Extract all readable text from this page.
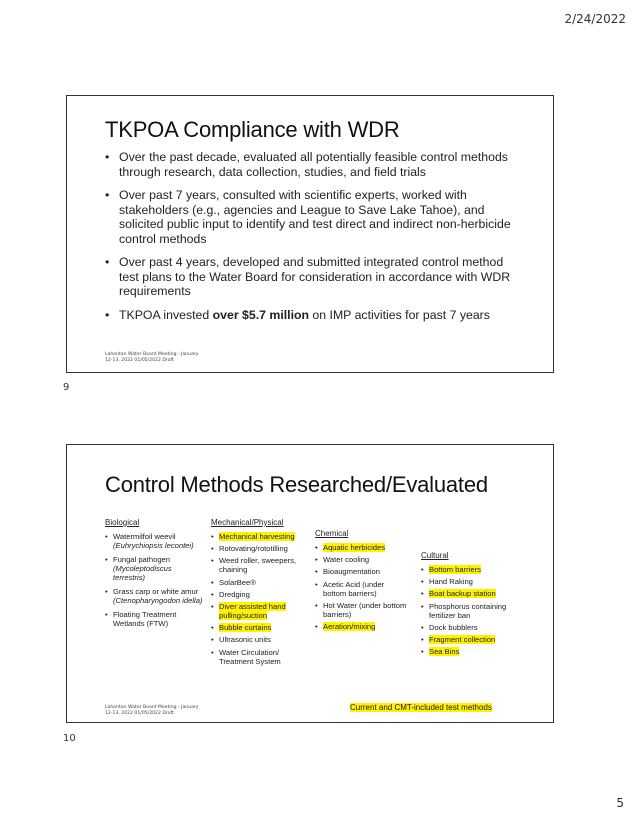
2/24/2022
TKPOA Compliance with WDR
• Over the past decade, evaluated all potentially feasible control methods through research, data collection, studies, and field trials
• Over past 7 years, consulted with scientific experts, worked with stakeholders (e.g., agencies and League to Save Lake Tahoe), and solicited public input to identify and test direct and indirect non-herbicide control methods
• Over past 4 years, developed and submitted integrated control method test plans to the Water Board for consideration in accordance with WDR requirements
• TKPOA invested over $5.7 million on IMP activities for past 7 years
Lahontan Water Board Meeting - January
12-13, 2022 01/05/2022 Draft
9
Control Methods Researched/Evaluated
Biological
• Watermilfoil weevil
(Euhrychiopsis lecontei)
• Fungal pathogen
(Mycoleptodiscus terrestris)
• Grass carp or white amur
(Ctenopharyngodon idella)
• Floating Treatment Wetlands (FTW)
Mechanical/Physical
• Mechanical harvesting
• Rotovating/rototilling
• Weed roller, sweepers, chaining
• SolarBee®
• Dredging
• Diver assisted hand pulling/suction
• Bubble curtains
• Ultrasonic units
• Water Circulation/ Treatment System
Chemical
• Aquatic herbicides
• Water cooling
• Bioaugmentation
• Acetic Acid (under bottom barriers)
• Hot Water (under bottom barriers)
• Aeration/mixing
Cultural
• Bottom barriers
• Hand Raking
• Boat backup station
• Phosphorus containing fertilizer ban
• Dock bubblers
• Fragment collection
• Sea Bins
Current and CMT-included test methods
Lahontan Water Board Meeting - January
12-13, 2022 01/05/2022 Draft
10
5
